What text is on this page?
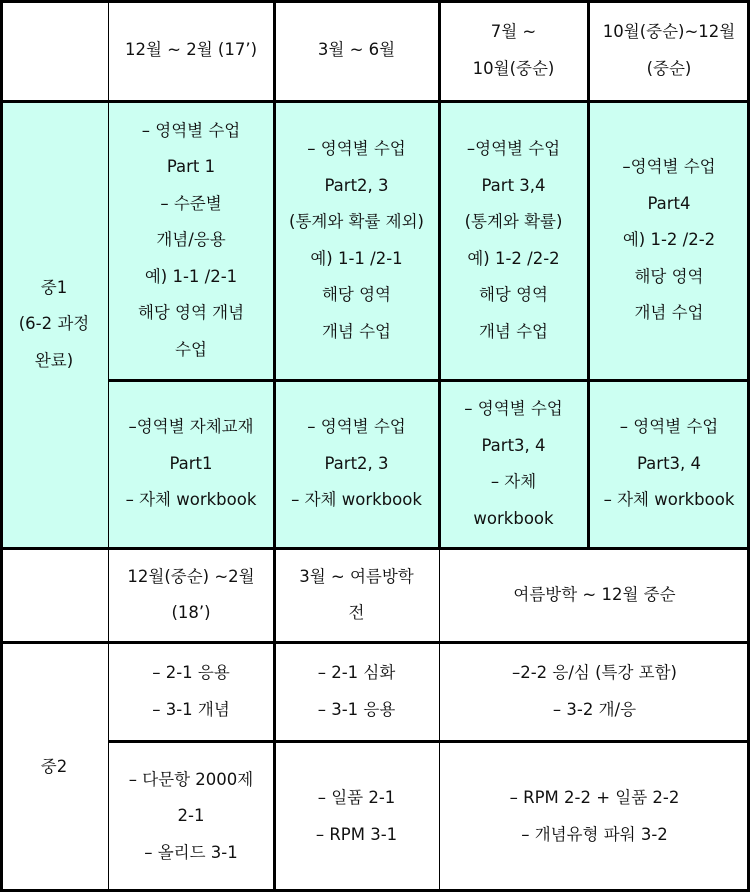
12월 ~ 2월 (17’)	3월 ~ 6월
7월 ~
10월(중순)
10월(중순)~12월
(중순)
중1
(6-2 과정
완료)
– 영역별 수업
Part 1
– 수준별
개념/응용
예) 1-1 /2-1
해당 영역 개념
수업
– 영역별 수업
Part2, 3
(통계와 확률 제외)
예) 1-1 /2-1
해당 영역
개념 수업
–영역별 수업
Part 3,4
(통계와 확률)
예) 1-2 /2-2
해당 영역
개념 수업
–영역별 수업
Part4
예) 1-2 /2-2
해당 영역
개념 수업
–영역별 자체교재
Part1
– 자체 workbook
– 영역별 수업
Part2, 3
– 자체 workbook
– 영역별 수업
Part3, 4
– 자체
workbook
– 영역별 수업
Part3, 4
– 자체 workbook
12월(중순) ~2월
(18’)
3월 ~ 여름방학
전
여름방학 ~ 12월 중순
중2
– 2-1 응용
– 3-1 개념
– 2-1 심화
– 3-1 응용
–2-2 응/심 (특강 포함)
– 3-2 개/응
– 다문항 2000제
2-1
– 올리드 3-1
– 일품 2-1
– RPM 3-1
– RPM 2-2 + 일품 2-2
– 개념유형 파워 3-2
